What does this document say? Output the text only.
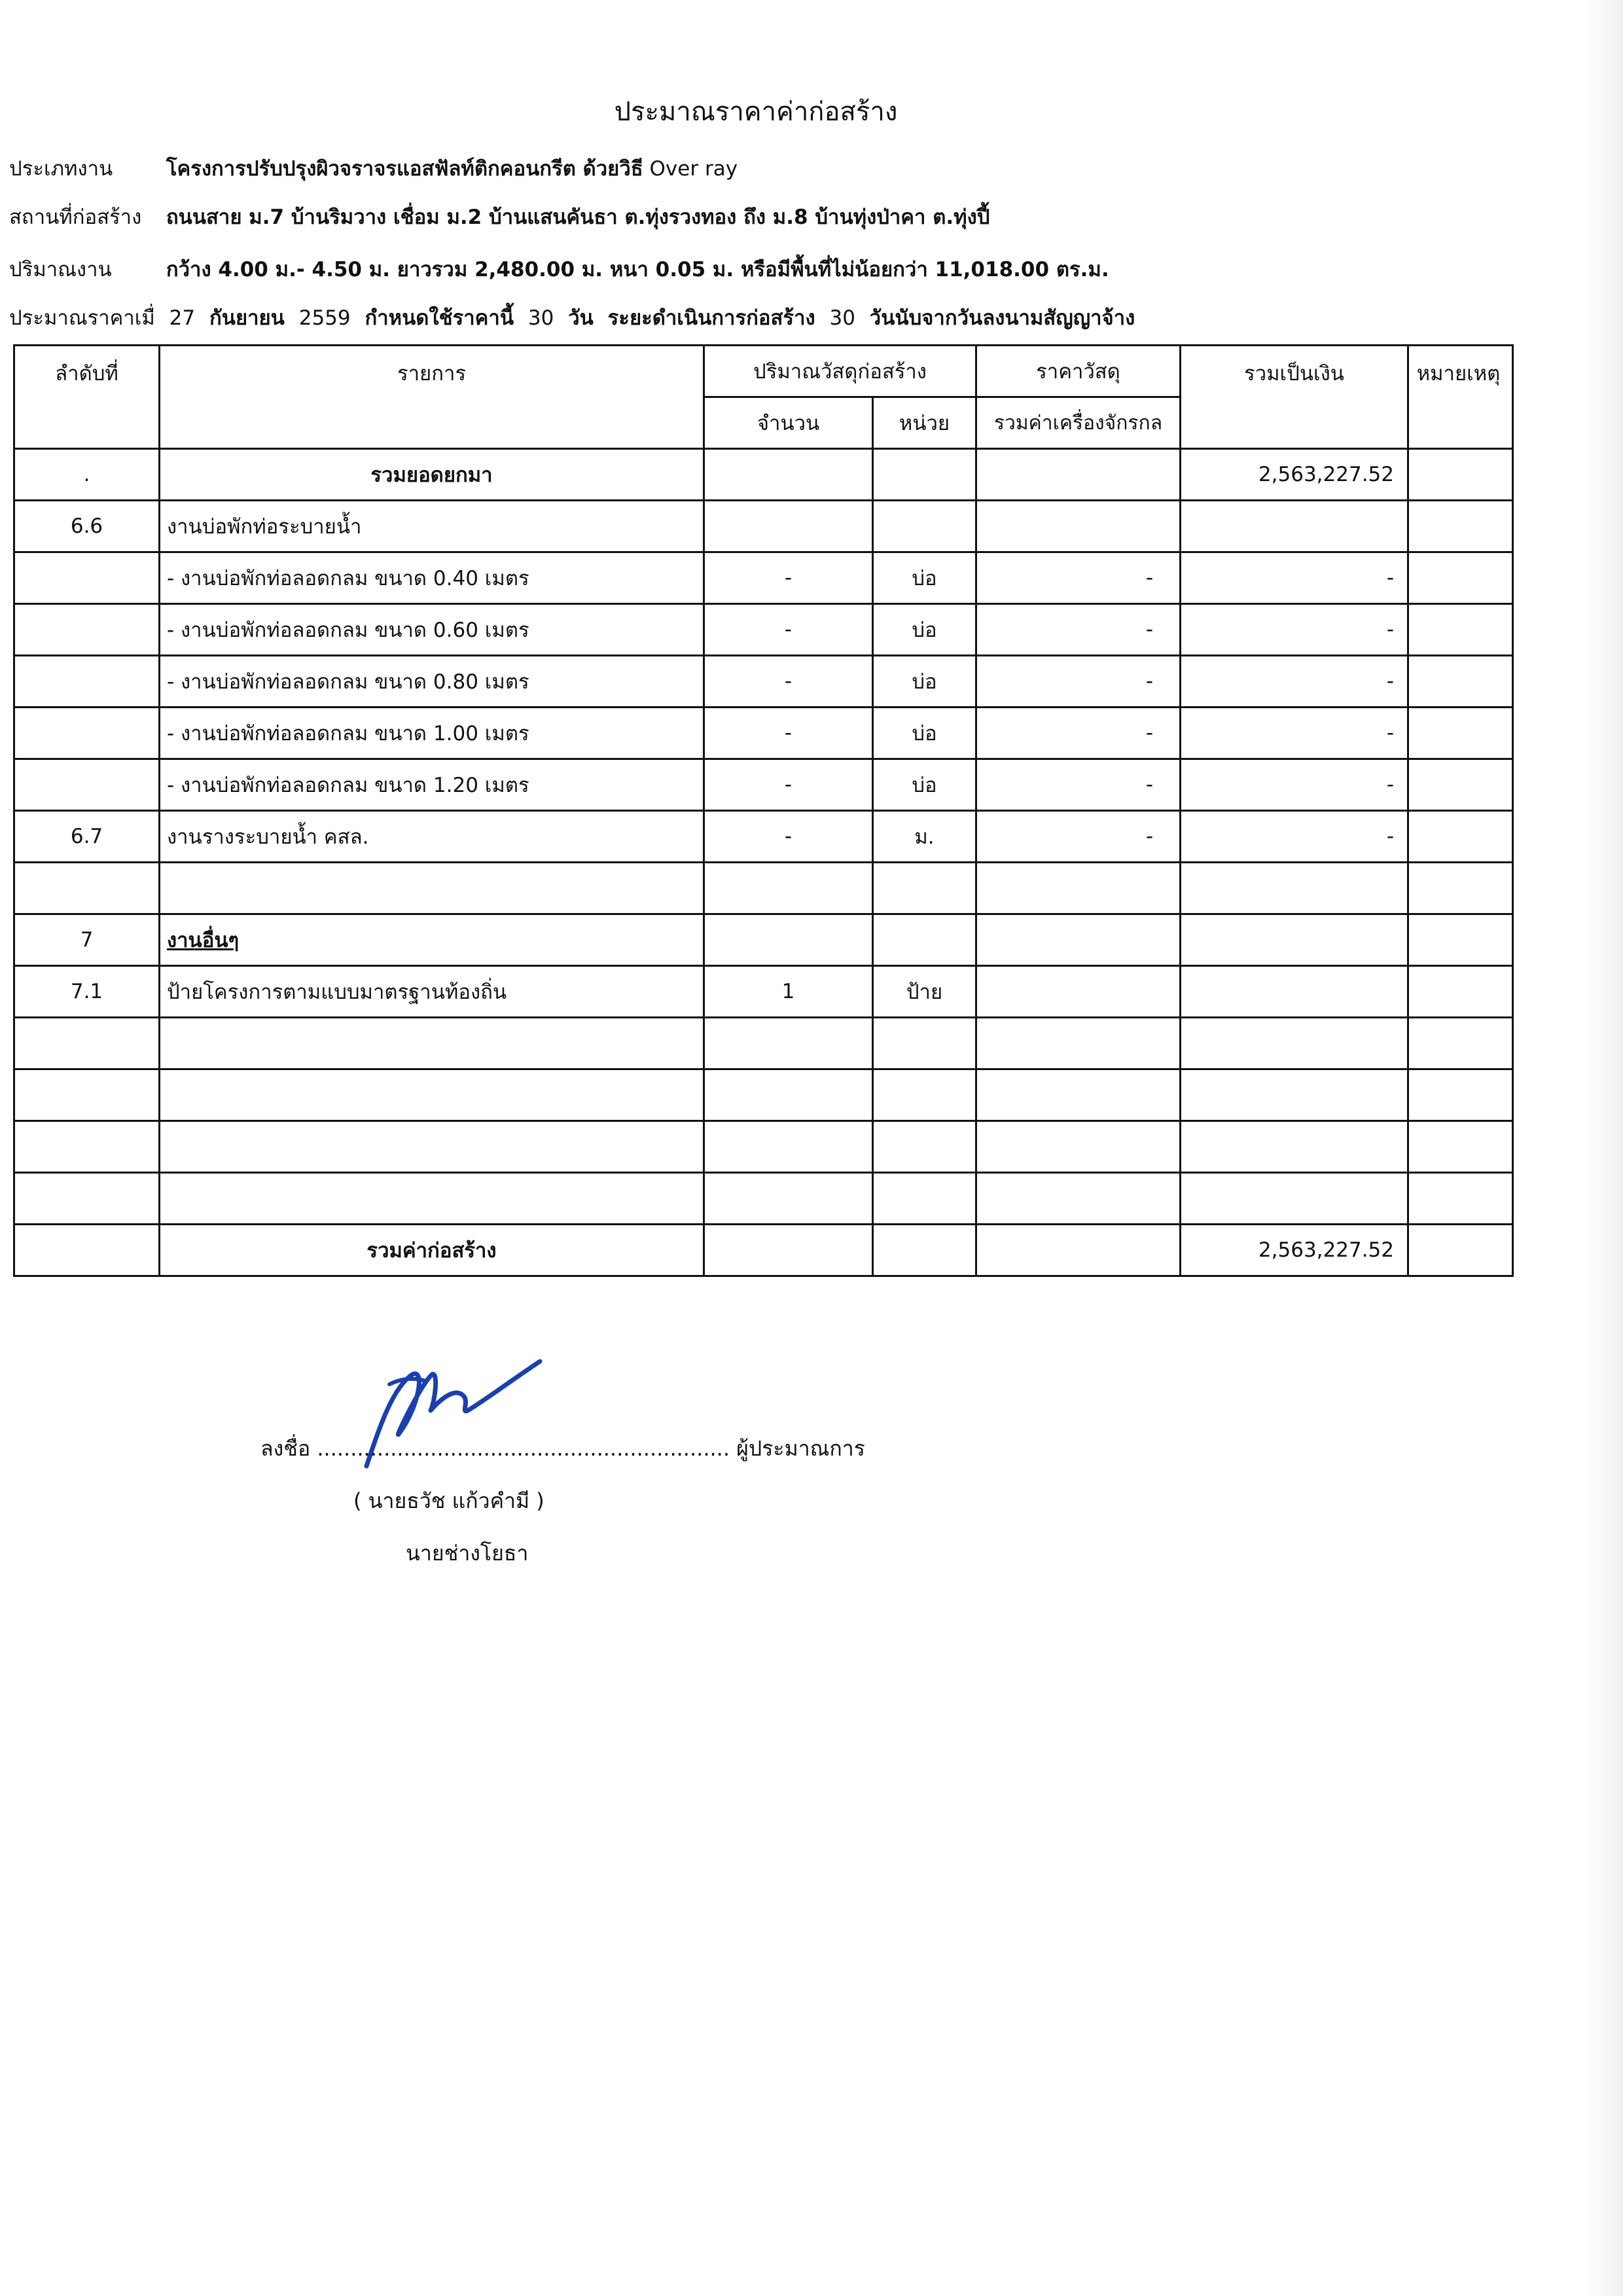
ประมาณราคาค่าก่อสร้าง
ประเภทงาน	โครงการปรับปรุงผิวจราจรแอสฟัลท์ติกคอนกรีต ด้วยวิธี Over ray
สถานที่ก่อสร้าง ถนนสาย ม.7 บ้านริมวาง เชื่อม ม.2 บ้านแสนคันธา ต.ทุ่งรวงทอง ถึง ม.8 บ้านทุ่งป่าคา ต.ทุ่งปี้
ปริมาณงาน	กว้าง 4.00 ม.- 4.50 ม. ยาวรวม 2,480.00 ม. หนา 0.05 ม. หรือมีพื้นที่ไม่น้อยกว่า 11,018.00 ตร.ม.
ประมาณราคาเมื่ 27 กันยายน 2559 กำหนดใช้ราคานี้ 30 วัน ระยะดำเนินการก่อสร้าง 30 วันนับจากวันลงนามสัญญาจ้าง
ลำดับที่	รายการ	ปริมาณวัสดุก่อสร้าง		ราคาวัสดุ	รวมเป็นเงิน	หมายเหตุ
		จำนวน	หน่วย	รวมค่าเครื่องจักรกล		
.	รวมยอดยกมา				2,563,227.52	
6.6	งานบ่อพักท่อระบายน้ำ					
	- งานบ่อพักท่อลอดกลม ขนาด 0.40 เมตร	-	บ่อ	-	-	
	- งานบ่อพักท่อลอดกลม ขนาด 0.60 เมตร	-	บ่อ	-	-	
	- งานบ่อพักท่อลอดกลม ขนาด 0.80 เมตร	-	บ่อ	-	-	
	- งานบ่อพักท่อลอดกลม ขนาด 1.00 เมตร	-	บ่อ	-	-	
	- งานบ่อพักท่อลอดกลม ขนาด 1.20 เมตร	-	บ่อ	-	-	
6.7	งานรางระบายน้ำ คสล.	-	ม.	-	-	

7	งานอื่นๆ					
7.1	ป้ายโครงการตามแบบมาตรฐานท้องถิ่น	1	ป้าย			

	รวมค่าก่อสร้าง				2,563,227.52	
ลงชื่อ .............................................................. ผู้ประมาณการ
( นายธวัช แก้วคำมี )
นายช่างโยธา
